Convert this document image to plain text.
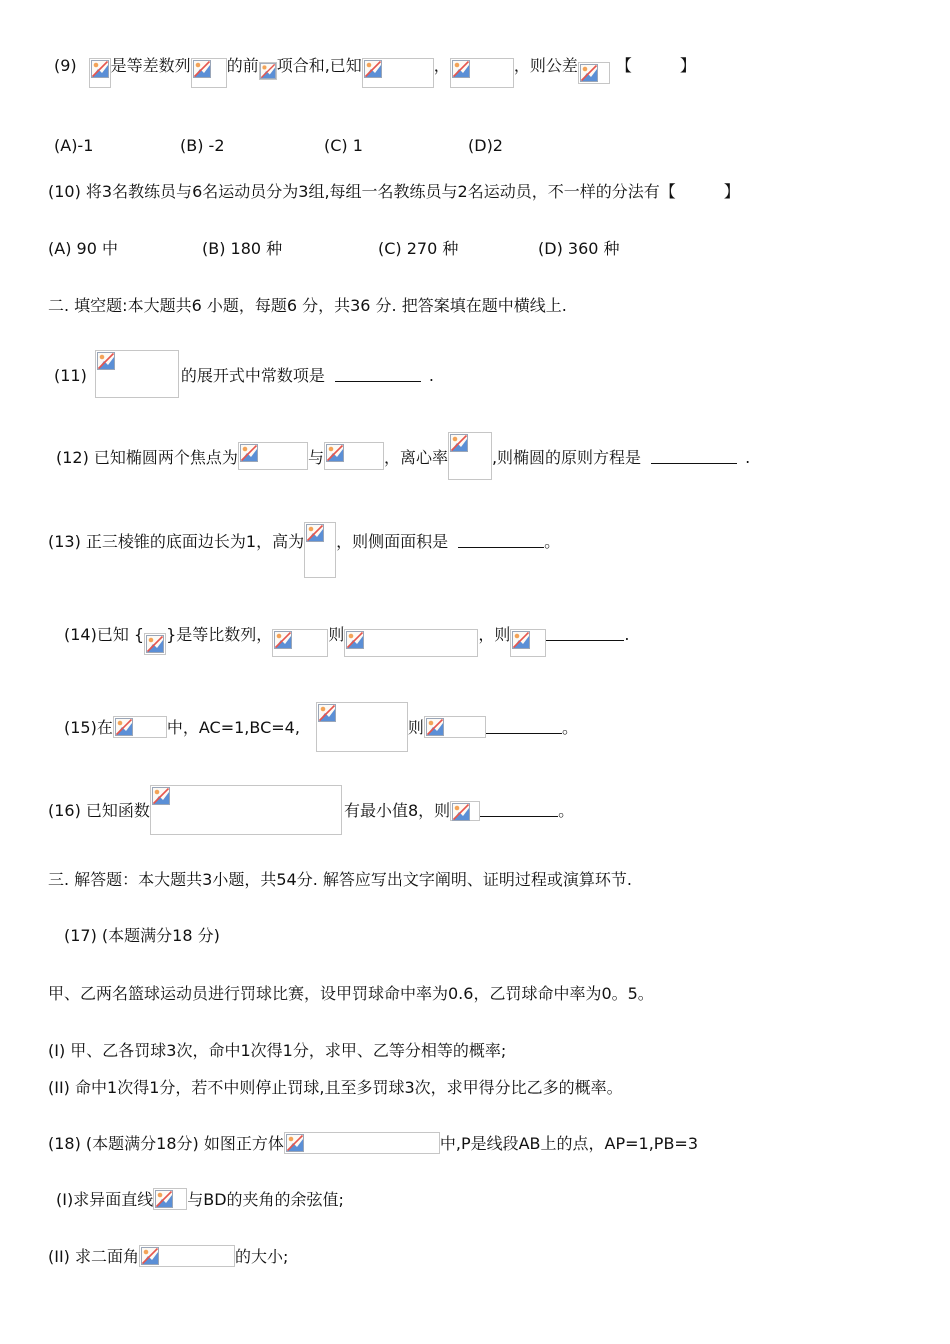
(9) 是等差数列 的前 项合和,已知	，	，则公差 【　　　】
(A)-1	(B) -2	(C) 1	(D)2
(10) 将3名教练员与6名运动员分为3组,每组一名教练员与2名运动员，不一样的分法有【　　　】
(A) 90 中	(B) 180 种	(C) 270 种	(D) 360 种
二. 填空题:本大题共6 小题，每题6 分，共36 分. 把答案填在题中横线上.
(11)	的展开式中常数项是	.
(12) 已知椭圆两个焦点为	与	，离心率	,则椭圆的原则方程是	.
(13) 正三棱锥的底面边长为1，高为 ，则侧面面积是	。
(14)已知 { }是等比数列，	则	，则	.
(15)在	中，AC=1,BC=4,	则	。
(16) 已知函数	有最小值8，则	。
三. 解答题：本大题共3小题，共54分. 解答应写出文字阐明、证明过程或演算环节.
(17) (本题满分18 分)
甲、乙两名篮球运动员进行罚球比赛，设甲罚球命中率为0.6，乙罚球命中率为0。5。
(I) 甲、乙各罚球3次，命中1次得1分，求甲、乙等分相等的概率;
(II) 命中1次得1分，若不中则停止罚球,且至多罚球3次，求甲得分比乙多的概率。
(18) (本题满分18分) 如图正方体	中,P是线段AB上的点，AP=1,PB=3
(I)求异面直线 与BD的夹角的余弦值;
(II) 求二面角	的大小;
